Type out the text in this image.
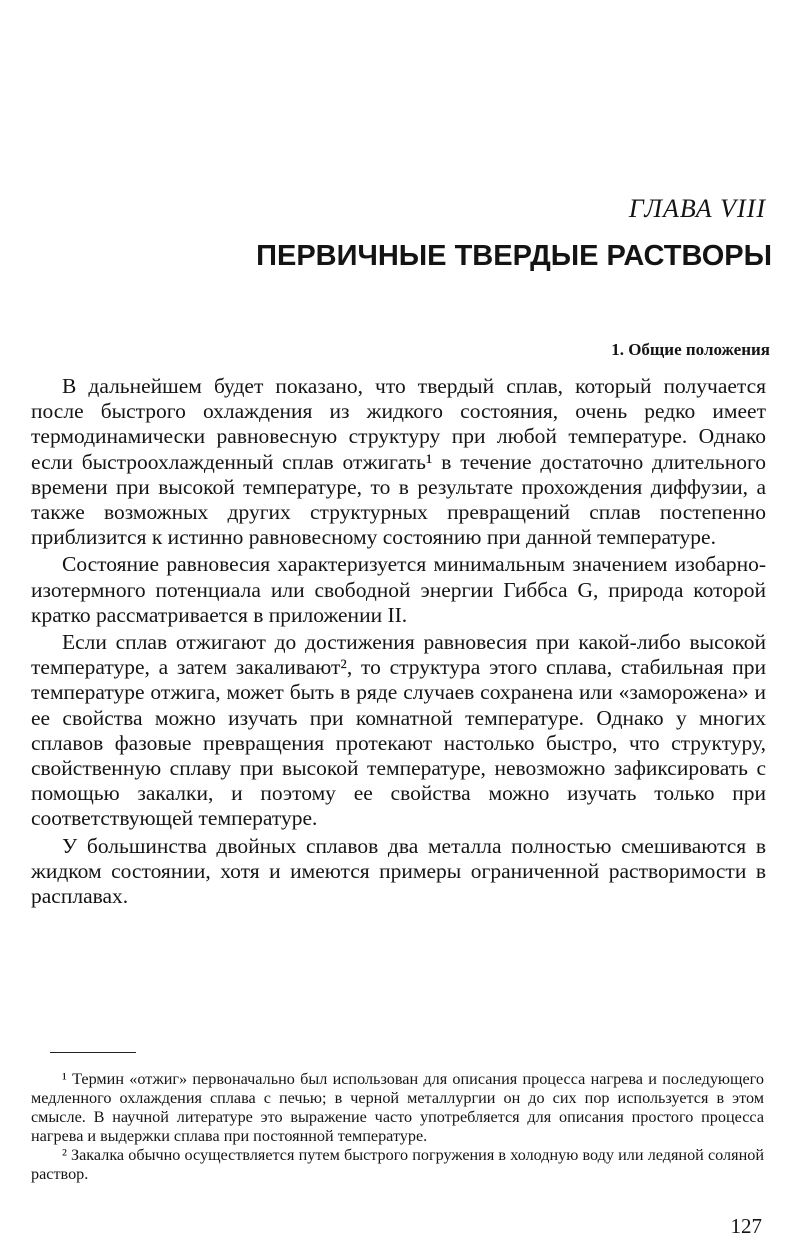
ГЛАВА VIII
ПЕРВИЧНЫЕ ТВЕРДЫЕ РАСТВОРЫ
1. Общие положения

В дальнейшем будет показано, что твердый сплав, который получается после быстрого охлаждения из жидкого состояния, очень редко имеет термодинамически равновесную структуру при любой температуре. Однако если быстроохлажденный сплав отжигать¹ в течение достаточно длительного времени при высокой температуре, то в результате прохождения диффузии, а также возможных других структурных превращений сплав постепенно приблизится к истинно равновесному состоянию при данной температуре.

Состояние равновесия характеризуется минимальным значением изобарно-изотермного потенциала или свободной энергии Гиббса G, природа которой кратко рассматривается в приложении II.

Если сплав отжигают до достижения равновесия при какой-либо высокой температуре, а затем закаливают², то структура этого сплава, стабильная при температуре отжига, может быть в ряде случаев сохранена или «заморожена» и ее свойства можно изучать при комнатной температуре. Однако у многих сплавов фазовые превращения протекают настолько быстро, что структуру, свойственную сплаву при высокой температуре, невозможно зафиксировать с помощью закалки, и поэтому ее свойства можно изучать только при соответствующей температуре.

У большинства двойных сплавов два металла полностью смешиваются в жидком состоянии, хотя и имеются примеры ограниченной растворимости в расплавах.

¹ Термин «отжиг» первоначально был использован для описания процесса нагрева и последующего медленного охлаждения сплава с печью; в черной металлургии он до сих пор используется в этом смысле. В научной литературе это выражение часто употребляется для описания простого процесса нагрева и выдержки сплава при постоянной температуре.

² Закалка обычно осуществляется путем быстрого погружения в холодную воду или ледяной соляной раствор.

127
